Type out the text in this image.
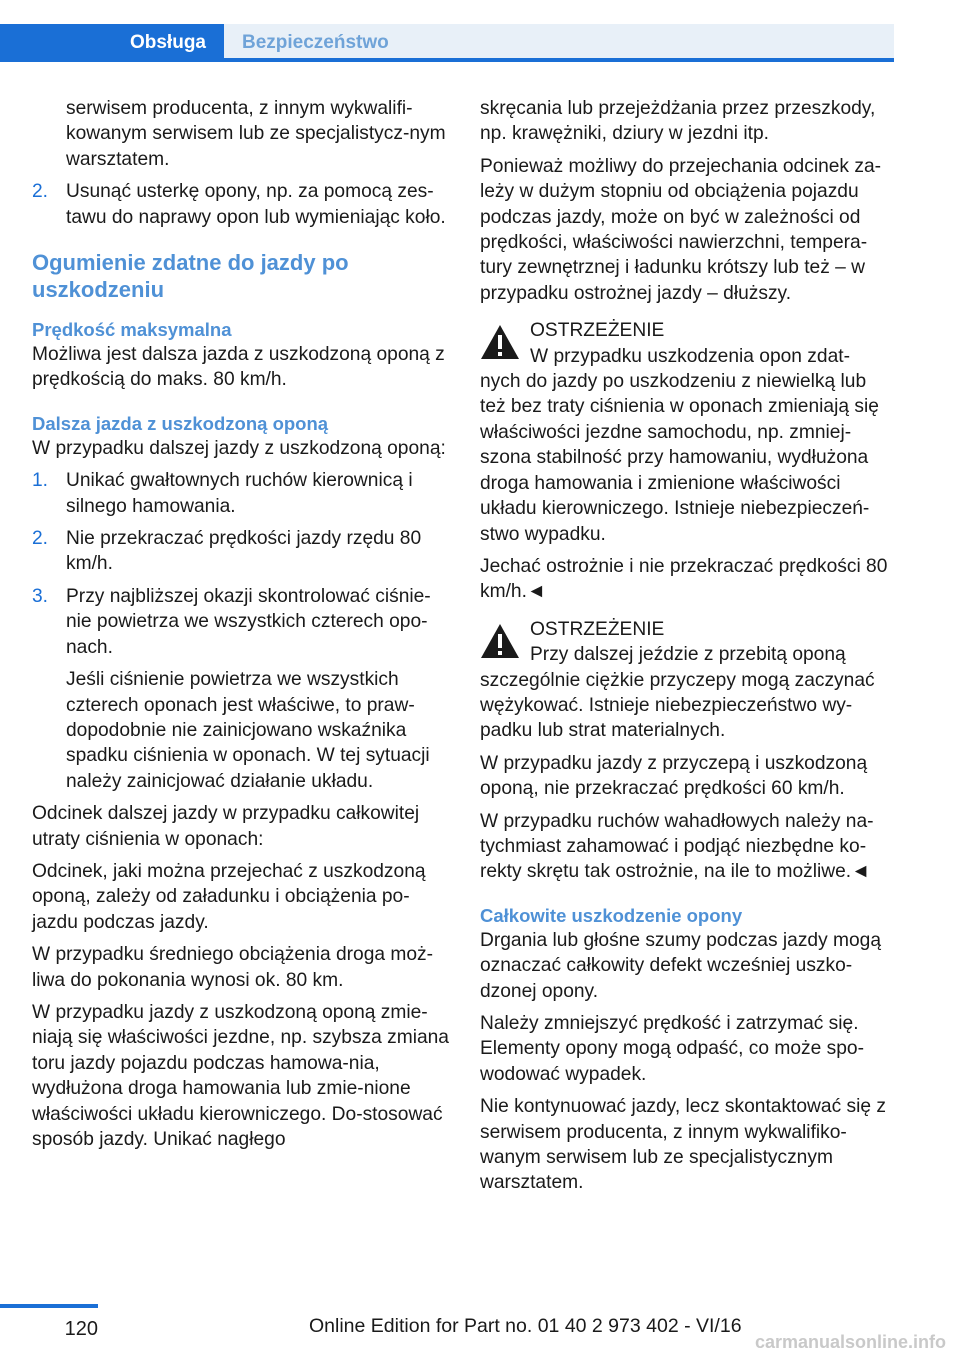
Obsługa	Bezpieczeństwo

serwisem producenta, z innym wykwalifi‐kowanym serwisem lub ze specjalistycz‐nym warsztatem.

2. Usunąć usterkę opony, np. za pomocą zes‐tawu do naprawy opon lub wymieniając koło.
Ogumienie zdatne do jazdy po uszkodzeniu
Prędkość maksymalna

Możliwa jest dalsza jazda z uszkodzoną oponą z prędkością do maks. 80 km/h.

Dalsza jazda z uszkodzoną oponą

W przypadku dalszej jazdy z uszkodzoną oponą:

1. Unikać gwałtownych ruchów kierownicą i silnego hamowania.
2. Nie przekraczać prędkości jazdy rzędu 80 km/h.
3. Przy najbliższej okazji skontrolować ciśnie‐nie powietrza we wszystkich czterech opo‐nach.

Jeśli ciśnienie powietrza we wszystkich czterech oponach jest właściwe, to praw‐dopodobnie nie zainicjowano wskaźnika spadku ciśnienia w oponach. W tej sytuacji należy zainicjować działanie układu.

Odcinek dalszej jazdy w przypadku całkowitej utraty ciśnienia w oponach:

Odcinek, jaki można przejechać z uszkodzoną oponą, zależy od załadunku i obciążenia po‐jazdu podczas jazdy.

W przypadku średniego obciążenia droga moż‐liwa do pokonania wynosi ok. 80 km.

W przypadku jazdy z uszkodzoną oponą zmie‐niają się właściwości jezdne, np. szybsza zmiana toru jazdy pojazdu podczas hamowa‐nia, wydłużona droga hamowania lub zmie‐nione właściwości układu kierowniczego. Do‐stosować sposób jazdy. Unikać nagłego

skręcania lub przejeżdżania przez przeszkody, np. krawężniki, dziury w jezdni itp.

Ponieważ możliwy do przejechania odcinek za‐leży w dużym stopniu od obciążenia pojazdu podczas jazdy, może on być w zależności od prędkości, właściwości nawierzchni, tempera‐tury zewnętrznej i ładunku krótszy lub też – w przypadku ostrożnej jazdy – dłuższy.

OSTRZEŻENIE
W przypadku uszkodzenia opon zdat‐
nych do jazdy po uszkodzeniu z niewielką lub też bez traty ciśnienia w oponach zmieniają się właściwości jezdne samochodu, np. zmniej‐szona stabilność przy hamowaniu, wydłużona droga hamowania i zmienione właściwości układu kierowniczego. Istnieje niebezpieczeń‐stwo wypadku.

Jechać ostrożnie i nie przekraczać prędkości 80 km/h.◄

OSTRZEŻENIE
Przy dalszej jeździe z przebitą oponą
szczególnie ciężkie przyczepy mogą zaczynać wężykować. Istnieje niebezpieczeństwo wy‐padku lub strat materialnych.

W przypadku jazdy z przyczepą i uszkodzoną oponą, nie przekraczać prędkości 60 km/h.

W przypadku ruchów wahadłowych należy na‐tychmiast zahamować i podjąć niezbędne ko‐rekty skrętu tak ostrożnie, na ile to możliwe.◄

Całkowite uszkodzenie opony

Drgania lub głośne szumy podczas jazdy mogą oznaczać całkowity defekt wcześniej uszko‐dzonej opony.

Należy zmniejszyć prędkość i zatrzymać się. Elementy opony mogą odpaść, co może spo‐wodować wypadek.

Nie kontynuować jazdy, lecz skontaktować się z serwisem producenta, z innym wykwalifiko‐wanym serwisem lub ze specjalistycznym warsztatem.

120	Online Edition for Part no. 01 40 2 973 402 - VI/16
carmanualsonline.info
